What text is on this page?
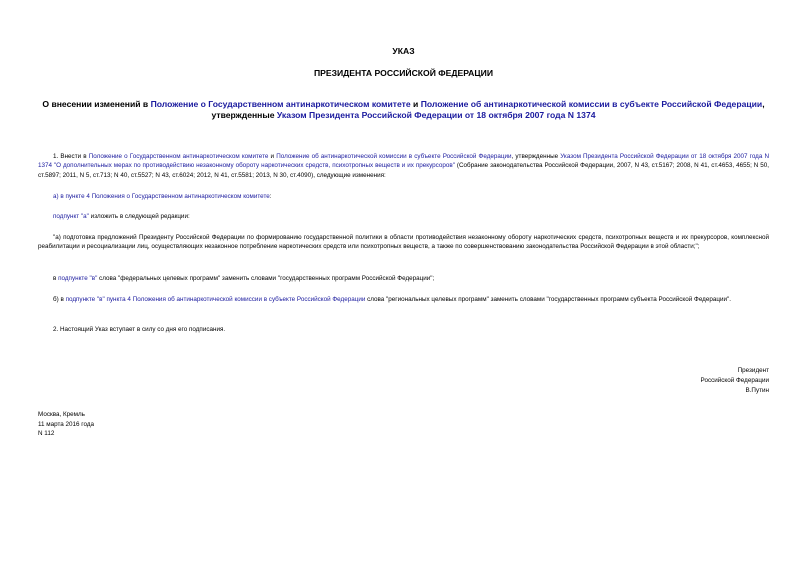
УКАЗ
ПРЕЗИДЕНТА РОССИЙСКОЙ ФЕДЕРАЦИИ
О внесении изменений в Положение о Государственном антинаркотическом комитете и Положение об антинаркотической комиссии в субъекте Российской Федерации, утвержденные Указом Президента Российской Федерации от 18 октября 2007 года N 1374
1. Внести в Положение о Государственном антинаркотическом комитете и Положение об антинаркотической комиссии в субъекте Российской Федерации, утвержденные Указом Президента Российской Федерации от 18 октября 2007 года N 1374 "О дополнительных мерах по противодействию незаконному обороту наркотических средств, психотропных веществ и их прекурсоров" (Собрание законодательства Российской Федерации, 2007, N 43, ст.5167; 2008, N 41, ст.4653, 4655; N 50, ст.5897; 2011, N 5, ст.713; N 40, ст.5527; N 43, ст.6024; 2012, N 41, ст.5581; 2013, N 30, ст.4090), следующие изменения:
а) в пункте 4 Положения о Государственном антинаркотическом комитете:
подпункт "а" изложить в следующей редакции:
"а) подготовка предложений Президенту Российской Федерации по формированию государственной политики в области противодействия незаконному обороту наркотических средств, психотропных веществ и их прекурсоров, комплексной реабилитации и ресоциализации лиц, осуществляющих незаконное потребление наркотических средств или психотропных веществ, а также по совершенствованию законодательства Российской Федерации в этой области;";
в подпункте "в" слова "федеральных целевых программ" заменить словами "государственных программ Российской Федерации";
б) в подпункте "в" пункта 4 Положения об антинаркотической комиссии в субъекте Российской Федерации слова "региональных целевых программ" заменить словами "государственных программ субъекта Российской Федерации".
2. Настоящий Указ вступает в силу со дня его подписания.
Президент
Российской Федерации
В.Путин
Москва, Кремль
11 марта 2016 года
N 112
